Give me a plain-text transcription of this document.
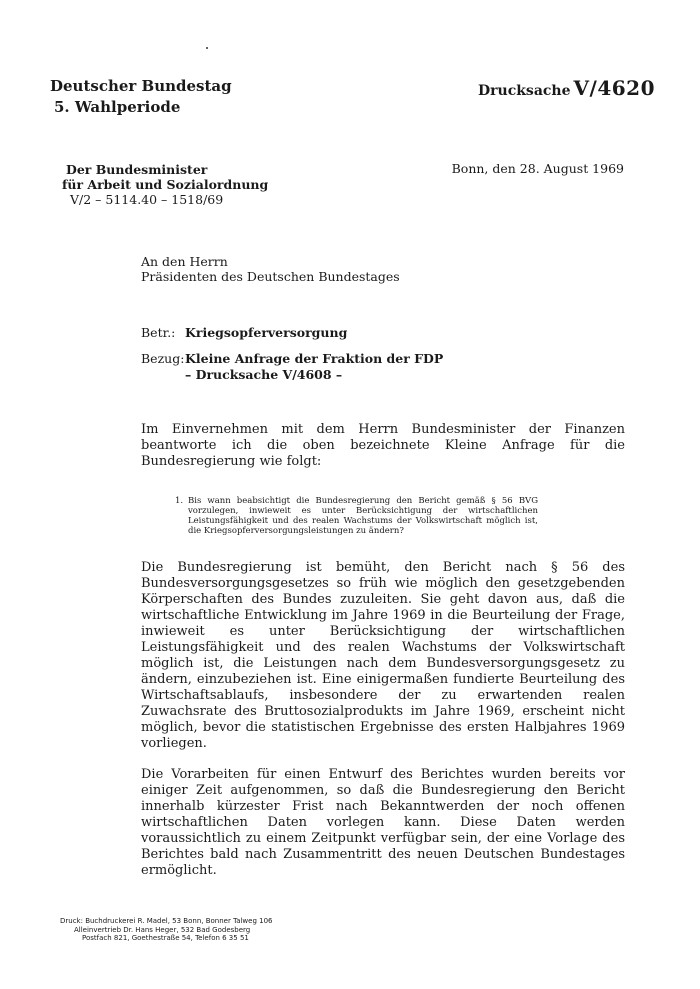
Deutscher Bundestag
5. Wahlperiode
Drucksache V/4620
Der Bundesminister
für Arbeit und Sozialordnung
V/2 – 5114.40 – 1518/69
Bonn, den 28. August 1969
An den Herrn
Präsidenten des Deutschen Bundestages
Betr.: Kriegsopferversorgung
Bezug:Kleine Anfrage der Fraktion der FDP
– Drucksache V/4608 –

Im Einvernehmen mit dem Herrn Bundesminister der Finanzen beantworte ich die oben bezeichnete Kleine Anfrage für die Bundesregierung wie folgt:

1. Bis wann beabsichtigt die Bundesregierung den Bericht gemäß § 56 BVG vorzulegen, inwieweit es unter Berücksichtigung der wirtschaftlichen Leistungsfähigkeit und des realen Wachstums der Volkswirtschaft möglich ist, die Kriegsopferversorgungsleistungen zu ändern?

Die Bundesregierung ist bemüht, den Bericht nach § 56 des Bundesversorgungsgesetzes so früh wie möglich den gesetzgebenden Körperschaften des Bundes zuzuleiten. Sie geht davon aus, daß die wirtschaftliche Entwicklung im Jahre 1969 in die Beurteilung der Frage, inwieweit es unter Berücksichtigung der wirtschaftlichen Leistungsfähigkeit und des realen Wachstums der Volkswirtschaft möglich ist, die Leistungen nach dem Bundesversorgungsgesetz zu ändern, einzubeziehen ist. Eine einigermaßen fundierte Beurteilung des Wirtschaftsablaufs, insbesondere der zu erwartenden realen Zuwachsrate des Bruttosozialprodukts im Jahre 1969, erscheint nicht möglich, bevor die statistischen Ergebnisse des ersten Halbjahres 1969 vorliegen.

Die Vorarbeiten für einen Entwurf des Berichtes wurden bereits vor einiger Zeit aufgenommen, so daß die Bundesregierung den Bericht innerhalb kürzester Frist nach Bekanntwerden der noch offenen wirtschaftlichen Daten vorlegen kann. Diese Daten werden voraussichtlich zu einem Zeitpunkt verfügbar sein, der eine Vorlage des Berichtes bald nach Zusammentritt des neuen Deutschen Bundestages ermöglicht.

Druck: Buchdruckerei R. Madel, 53 Bonn, Bonner Talweg 106
Alleinvertrieb Dr. Hans Heger, 532 Bad Godesberg
Postfach 821, Goethestraße 54, Telefon 6 35 51
